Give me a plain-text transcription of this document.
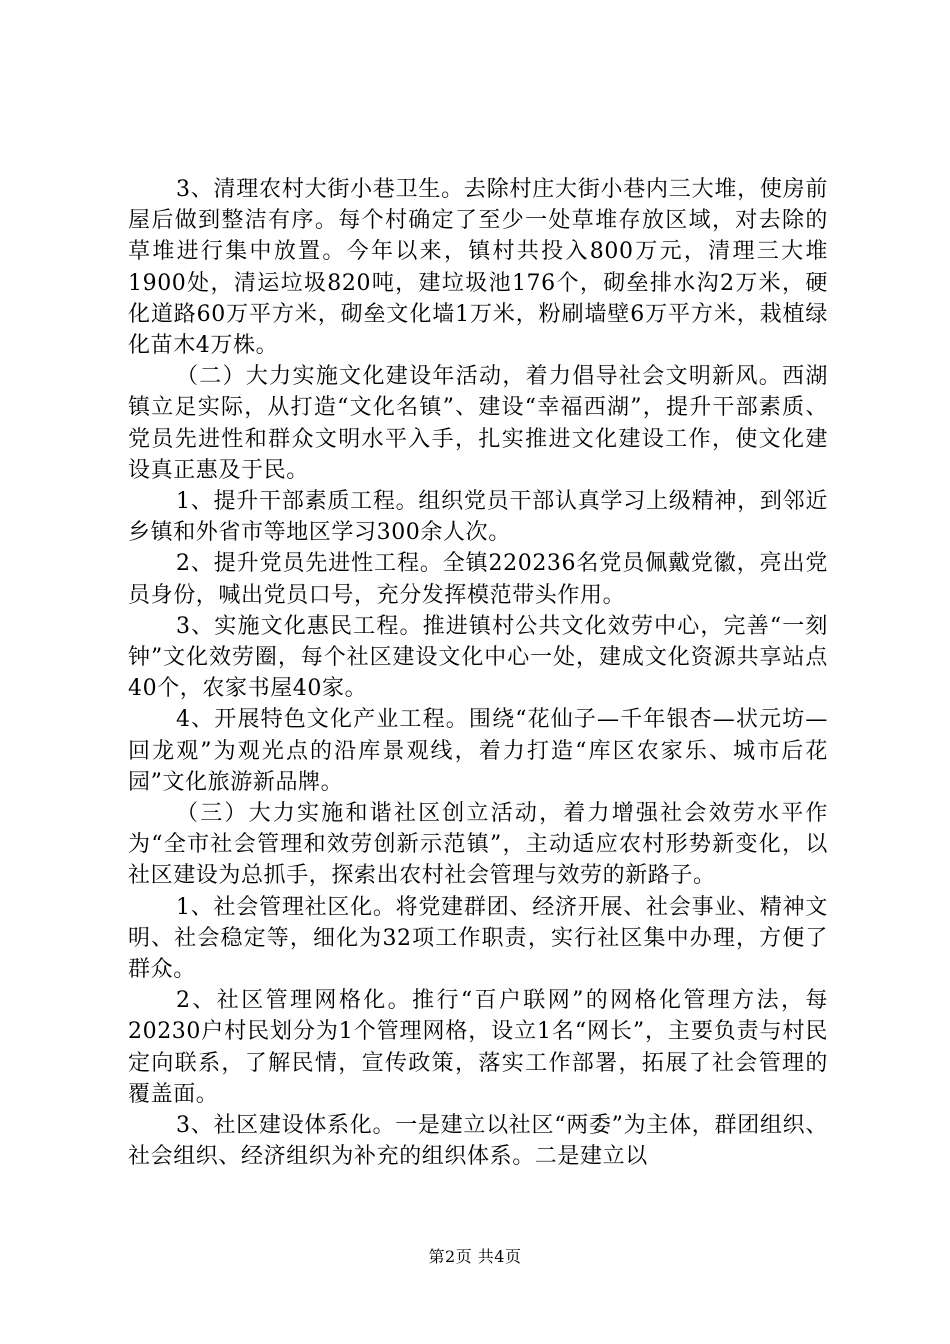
3、清理农村大街小巷卫生。去除村庄大街小巷内三大堆，使房前屋后做到整洁有序。每个村确定了至少一处草堆存放区域，对去除的草堆进行集中放置。今年以来，镇村共投入800万元，清理三大堆1900处，清运垃圾820吨，建垃圾池176个，砌垒排水沟2万米，硬化道路60万平方米，砌垒文化墙1万米，粉刷墙壁6万平方米，栽植绿化苗木4万株。

（二）大力实施文化建设年活动，着力倡导社会文明新风。西湖镇立足实际，从打造“文化名镇”、建设“幸福西湖”，提升干部素质、党员先进性和群众文明水平入手，扎实推进文化建设工作，使文化建设真正惠及于民。

1、提升干部素质工程。组织党员干部认真学习上级精神，到邻近乡镇和外省市等地区学习300余人次。

2、提升党员先进性工程。全镇220236名党员佩戴党徽，亮出党员身份，喊出党员口号，充分发挥模范带头作用。

3、实施文化惠民工程。推进镇村公共文化效劳中心，完善“一刻钟”文化效劳圈，每个社区建设文化中心一处，建成文化资源共享站点40个，农家书屋40家。

4、开展特色文化产业工程。围绕“花仙子—千年银杏—状元坊—回龙观”为观光点的沿库景观线，着力打造“库区农家乐、城市后花园”文化旅游新品牌。

（三）大力实施和谐社区创立活动，着力增强社会效劳水平作为“全市社会管理和效劳创新示范镇”，主动适应农村形势新变化，以社区建设为总抓手，探索出农村社会管理与效劳的新路子。

1、社会管理社区化。将党建群团、经济开展、社会事业、精神文明、社会稳定等，细化为32项工作职责，实行社区集中办理，方便了群众。

2、社区管理网格化。推行“百户联网”的网格化管理方法，每20230户村民划分为1个管理网格，设立1名“网长”，主要负责与村民定向联系，了解民情，宣传政策，落实工作部署，拓展了社会管理的覆盖面。

3、社区建设体系化。一是建立以社区“两委”为主体，群团组织、社会组织、经济组织为补充的组织体系。二是建立以

第2页 共4页
